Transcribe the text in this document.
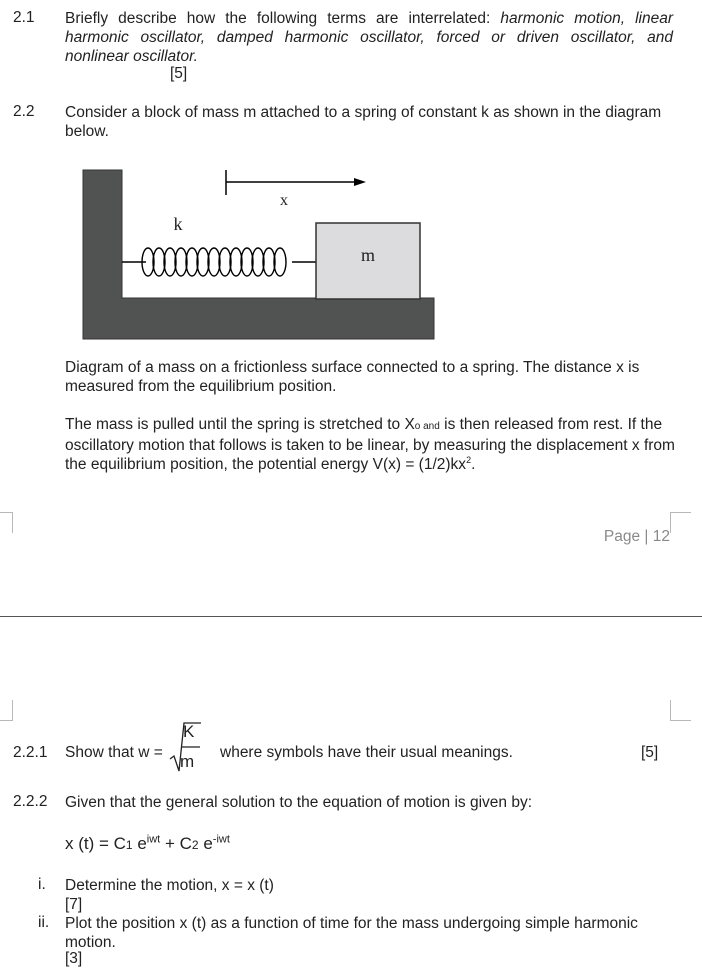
2.1 Briefly describe how the following terms are interrelated: harmonic motion, linear harmonic oscillator, damped harmonic oscillator, forced or driven oscillator, and nonlinear oscillator.
[5]
2.2 Consider a block of mass m attached to a spring of constant k as shown in the diagram below.
x
k
m
Diagram of a mass on a frictionless surface connected to a spring. The distance x is measured from the equilibrium position.
The mass is pulled until the spring is stretched to Xo and is then released from rest. If the oscillatory motion that follows is taken to be linear, by measuring the displacement x from the equilibrium position, the potential energy $V(x) = (1/2)kx^2$.
Page | 12
2.2.1 Show that w =
K
m where symbols have their usual meanings.	[5]
2.2.2 Given that the general solution to the equation of motion is given by:
x (t) = C1 $e^{iwt} + C2$ $e^{-iwt}$
i. Determine the motion, x = x (t)
[7]
ii. Plot the position x (t) as a function of time for the mass undergoing simple harmonic motion.
[3]
